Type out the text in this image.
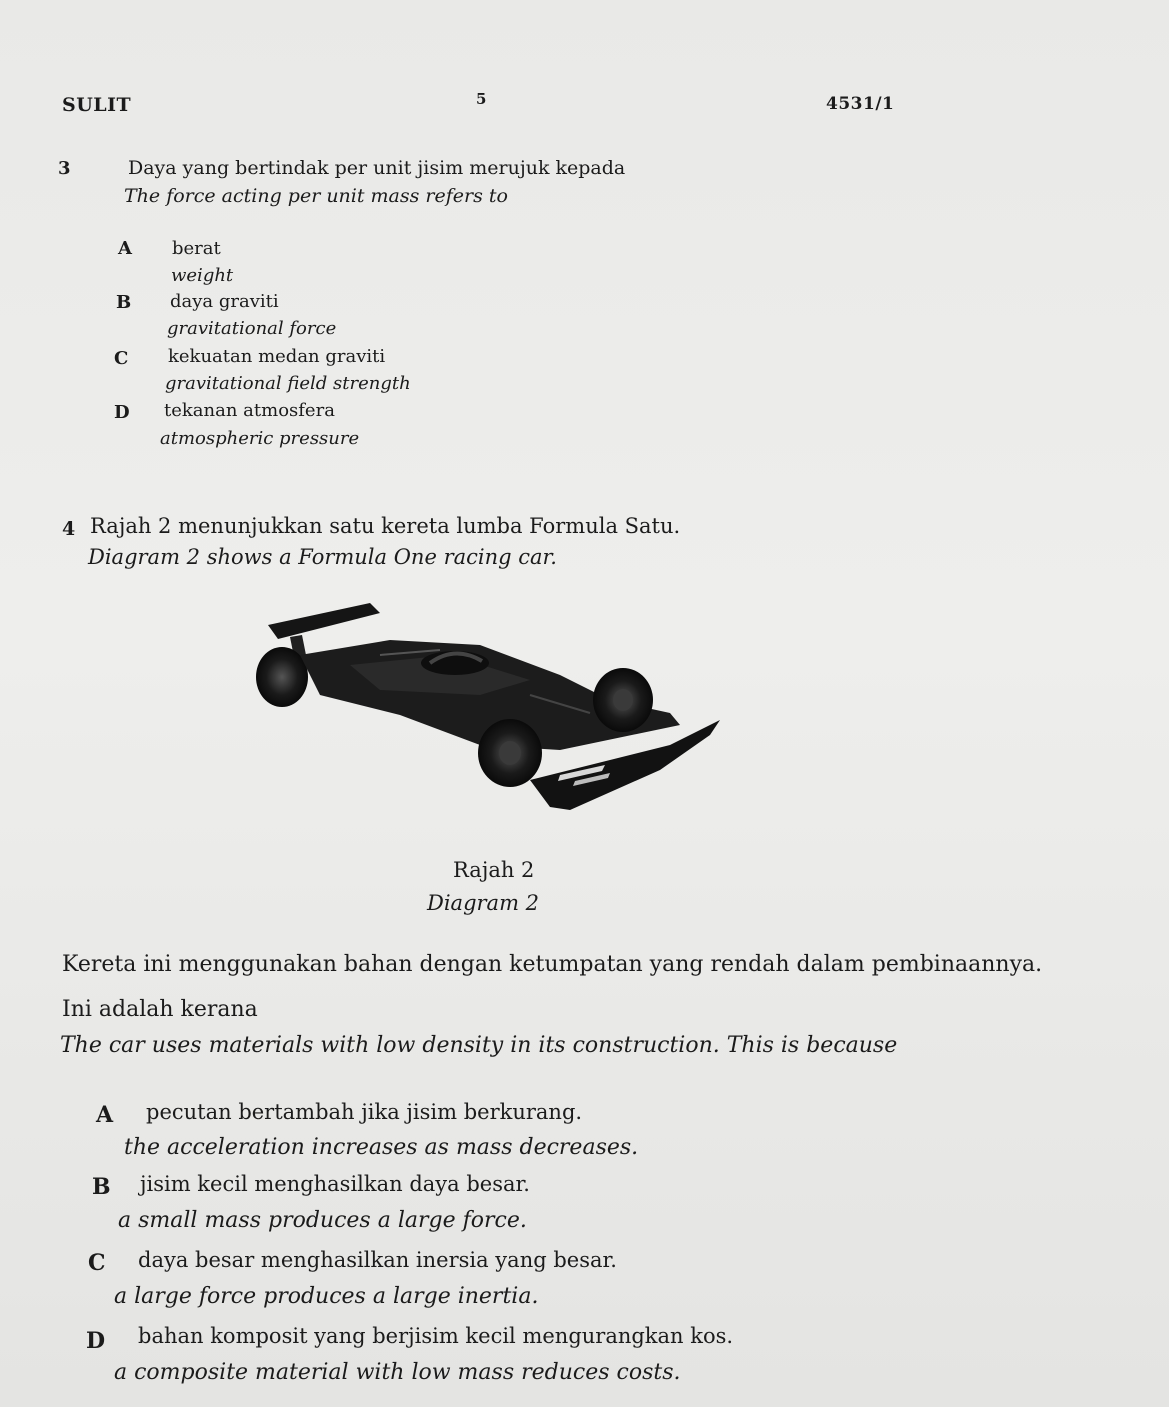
SULIT	5	4531/1
3	Daya yang bertindak per unit jisim merujuk kepada
The force acting per unit mass refers to
A berat
weight
B daya graviti
gravitational force
C kekuatan medan graviti
gravitational field strength
D tekanan atmosfera
atmospheric pressure
4 Rajah 2 menunjukkan satu kereta lumba Formula Satu.
Diagram 2 shows a Formula One racing car.
Rajah 2
Diagram 2
Kereta ini menggunakan bahan dengan ketumpatan yang rendah dalam pembinaannya.
Ini adalah kerana
The car uses materials with low density in its construction. This is because
A pecutan bertambah jika jisim berkurang.
the acceleration increases as mass decreases.
B jisim kecil menghasilkan daya besar.
a small mass produces a large force.
C daya besar menghasilkan inersia yang besar.
a large force produces a large inertia.
D bahan komposit yang berjisim kecil mengurangkan kos.
a composite material with low mass reduces costs.
